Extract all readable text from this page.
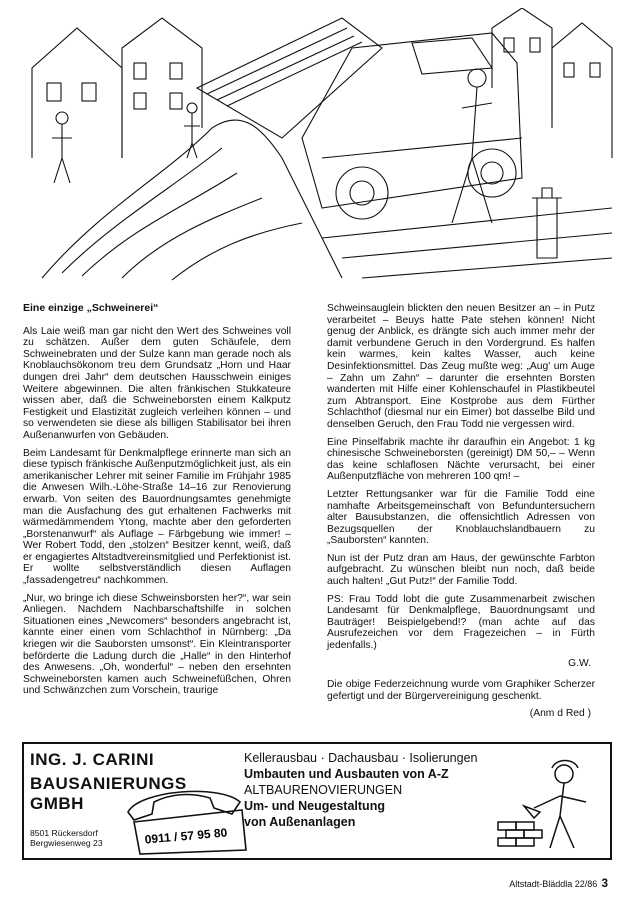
Eine einzige „Schweinerei“

Als Laie weiß man gar nicht den Wert des Schweines voll zu schätzen. Außer dem guten Schäufele, dem Schweinebraten und der Sulze kann man gerade noch als Knoblauchsökonom treu dem Grundsatz „Horn und Haar dungen drei Jahr“ dem deutschen Hausschwein einiges Weitere abgewinnen. Die alten fränkischen Stukkateure wissen aber, daß die Schweineborsten einem Kalkputz Festigkeit und Elastizität zugleich verleihen können – und so verwendeten sie diese als billigen Stabilisator bei ihren Außenanwurfen von Gebäuden.

Beim Landesamt für Denkmalpflege erinnerte man sich an diese typisch fränkische Außenputzmöglichkeit just, als ein amerikanischer Lehrer mit seiner Familie im Frühjahr 1985 die Anwesen Wilh.-Löhe-Straße 14–16 zur Renovierung erwarb. Von seiten des Bauordnungsamtes genehmigte man die Ausfachung des gut erhaltenen Fachwerks mit wärmedämmendem Ytong, machte aber den geforderten „Borstenanwurf“ als Auflage – Färbgebung wie immer! – Wer Robert Todd, den „stolzen“ Besitzer kennt, weiß, daß er engagiertes Altstadtvereinsmitglied und Perfektionist ist. Er wollte selbstverständlich diesen Auflagen „fassadengetreu“ nachkommen.

„Nur, wo bringe ich diese Schweinsborsten her?“, war sein Anliegen. Nachdem Nachbarschaftshilfe in solchen Situationen eines „Newcomers“ besonders angebracht ist, kannte einer einen vom Schlachthof in Nürnberg: „Da kriegen wir die Sauborsten umsonst“. Ein Kleintransporter beförderte die Ladung durch die „Halle“ in den Hinterhof des Anwesens. „Oh, wonderful“ – neben den ersehnten Schweineborsten kamen auch Schweinefüßchen, Ohren und Schwänzchen zum Vorschein, traurige

Schweinsauglein blickten den neuen Besitzer an – in Putz verarbeitet – Beuys hatte Pate stehen können! Nicht genug der Anblick, es drängte sich auch immer mehr der damit verbundene Geruch in den Vordergrund. Es halfen kein warmes, kein kaltes Wasser, auch keine Desinfektionsmittel. Das Zeug mußte weg: „Aug' um Auge – Zahn um Zahn“ – darunter die ersehnten Borsten wanderten mit Hilfe einer Kohlenschaufel in Plastikbeutel zum Abtransport. Eine Kostprobe aus dem Fürther Schlachthof (diesmal nur ein Eimer) bot dasselbe Bild und denselben Geruch, den Frau Todd nie vergessen wird.

Eine Pinselfabrik machte ihr daraufhin ein Angebot: 1 kg chinesische Schweineborsten (gereinigt) DM 50,– – Wenn das keine schlaflosen Nächte verursacht, bei einer Außenputzfläche von mehreren 100 qm! –

Letzter Rettungsanker war für die Familie Todd eine namhafte Arbeitsgemeinschaft von Befunduntersuchern alter Bausubstanzen, die offensichtlich Adressen von Bezugsquellen der Knoblauchslandbauern zu „Sauborsten“ kannten.

Nun ist der Putz dran am Haus, der gewünschte Farbton aufgebracht. Zu wünschen bleibt nun noch, daß beide auch halten! „Gut Putz!“ der Familie Todd.

PS: Frau Todd lobt die gute Zusammenarbeit zwischen Landesamt für Denkmalpflege, Bauordnungsamt und Bauträger! Beispielgebend!? (man achte auf das Ausrufezeichen vor dem Fragezeichen – in Fürth jedenfalls.)

G.W.

Die obige Federzeichnung wurde vom Graphiker Scherzer gefertigt und der Bürgervereinigung geschenkt.

(Anm d Red )

ING. J. CARINI
BAUSANIERUNGS GMBH
8501 Rückersdorf
Bergwiesenweg 23	0911 / 57 95 80
Kellerausbau · Dachausbau · Isolierungen
Umbauten und Ausbauten von A-Z
ALTBAURENOVIERUNGEN
Um- und Neugestaltung
von Außenanlagen
Altstadt-Bläddla 22/86 3
